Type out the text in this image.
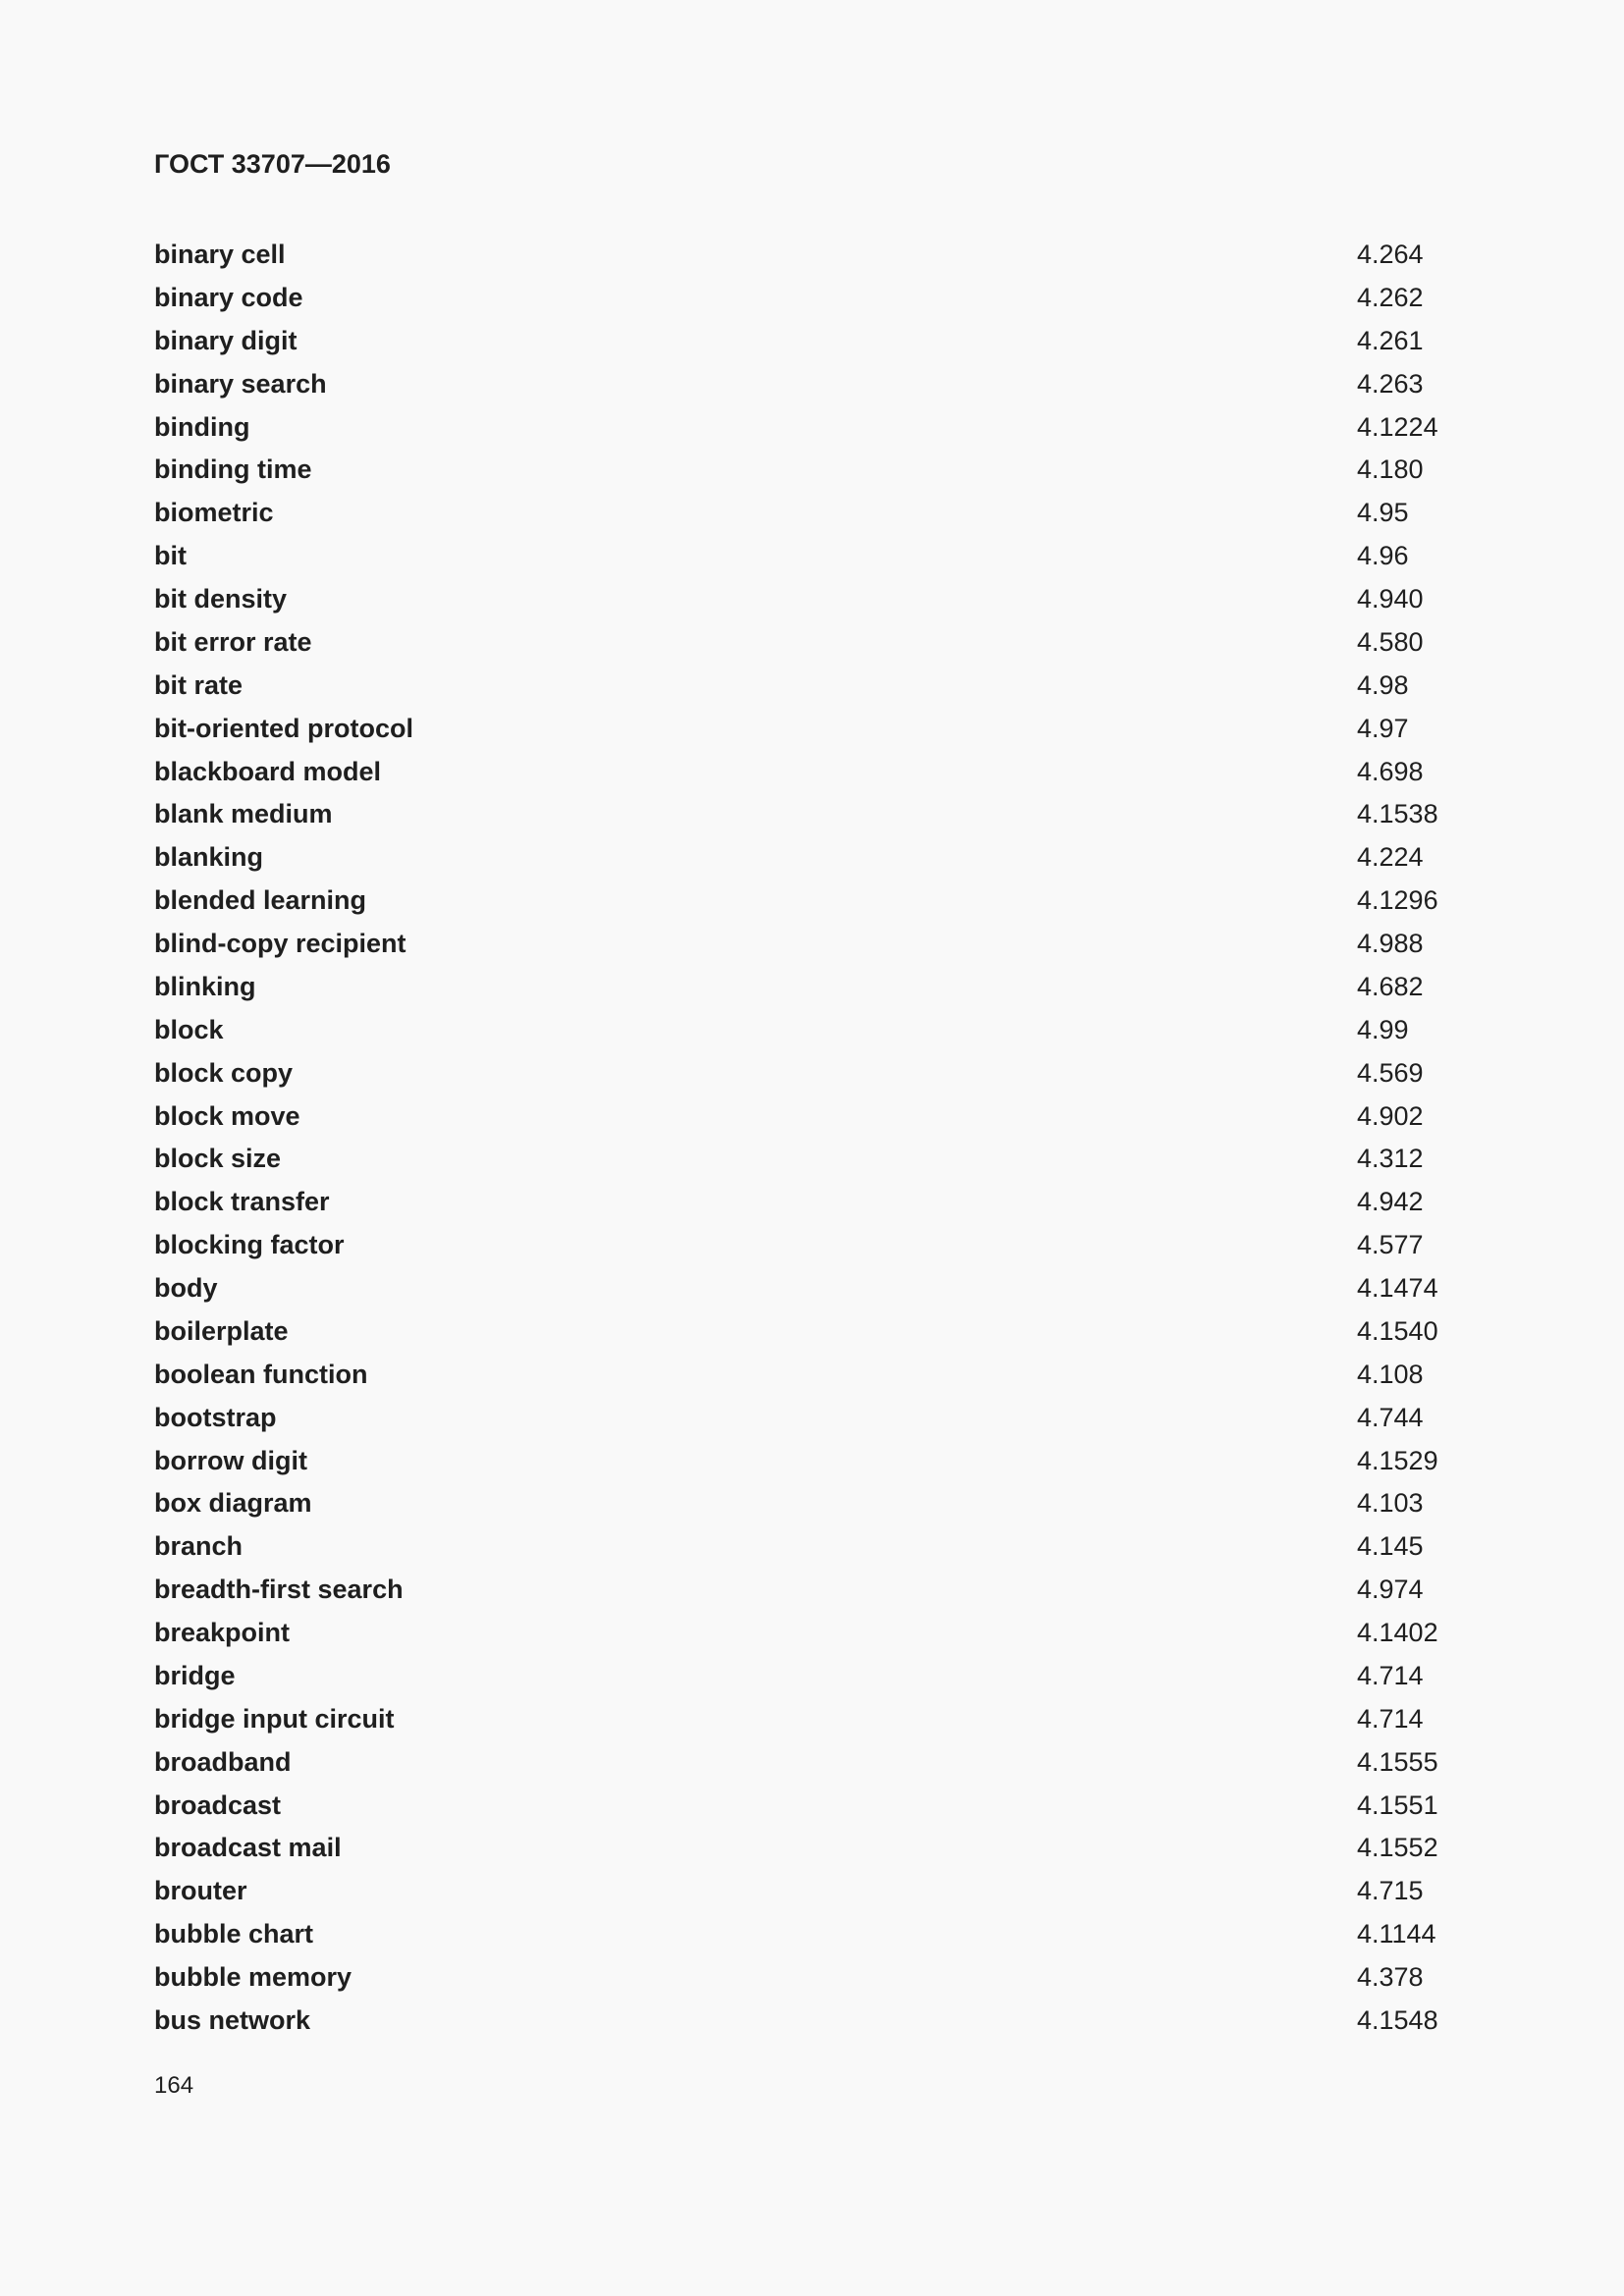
ГОСТ 33707—2016
binary cell	4.264
binary code	4.262
binary digit	4.261
binary search	4.263
binding	4.1224
binding time	4.180
biometric	4.95
bit	4.96
bit density	4.940
bit error rate	4.580
bit rate	4.98
bit-oriented protocol	4.97
blackboard model	4.698
blank medium	4.1538
blanking	4.224
blended learning	4.1296
blind-copy recipient	4.988
blinking	4.682
block	4.99
block copy	4.569
block move	4.902
block size	4.312
block transfer	4.942
blocking factor	4.577
body	4.1474
boilerplate	4.1540
boolean function	4.108
bootstrap	4.744
borrow digit	4.1529
box diagram	4.103
branch	4.145
breadth-first search	4.974
breakpoint	4.1402
bridge	4.714
bridge input circuit	4.714
broadband	4.1555
broadcast	4.1551
broadcast mail	4.1552
brouter	4.715
bubble chart	4.1144
bubble memory	4.378
bus network	4.1548
164
